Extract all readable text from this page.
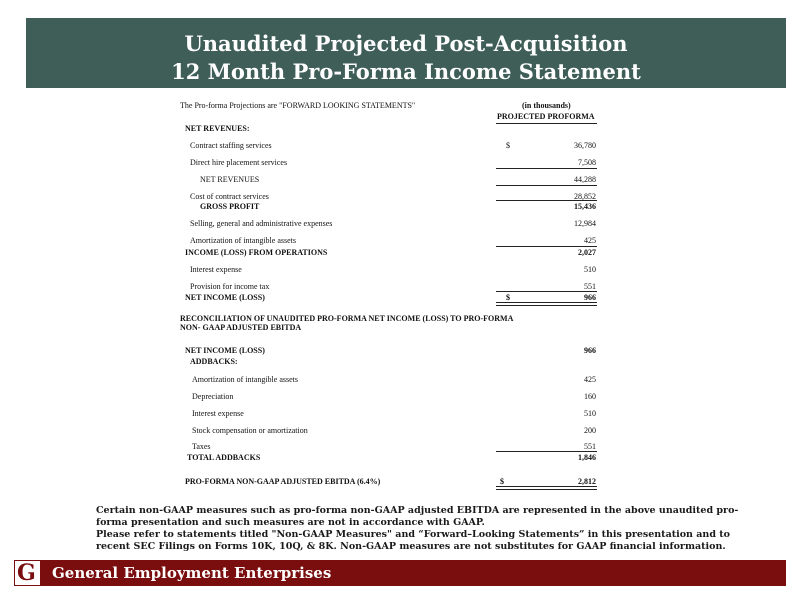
Unaudited Projected Post-Acquisition
12 Month Pro-Forma Income Statement
The Pro-forma Projections are "FORWARD LOOKING STATEMENTS"	(in thousands)
PROJECTED PROFORMA
NET REVENUES:
Contract staffing services	$	36,780
Direct hire placement services	7,508
NET REVENUES	44,288
Cost of contract services	28,852
GROSS PROFIT	15,436
Selling, general and administrative expenses	12,984
Amortization of intangible assets	425
INCOME (LOSS) FROM OPERATIONS	2,027
Interest expense	510
Provision for income tax	551
NET INCOME (LOSS)	$	966
RECONCILIATION OF UNAUDITED PRO-FORMA NET INCOME (LOSS) TO PRO-FORMA
NON- GAAP ADJUSTED EBITDA
NET INCOME (LOSS)	966
ADDBACKS:
Amortization of intangible assets	425
Depreciation	160
Interest expense	510
Stock compensation or amortization	200
Taxes	551
TOTAL ADDBACKS	1,846
PRO-FORMA NON-GAAP ADJUSTED EBITDA (6.4%)	$	2,812
Certain non-GAAP measures such as pro-forma non-GAAP adjusted EBITDA are represented in the above unaudited pro-
forma presentation and such measures are not in accordance with GAAP.
Please refer to statements titled "Non-GAAP Measures" and “Forward–Looking Statements” in this presentation and to
recent SEC Filings on Forms 10K, 10Q, & 8K. Non-GAAP measures are not substitutes for GAAP financial information.
G General Employment Enterprises
